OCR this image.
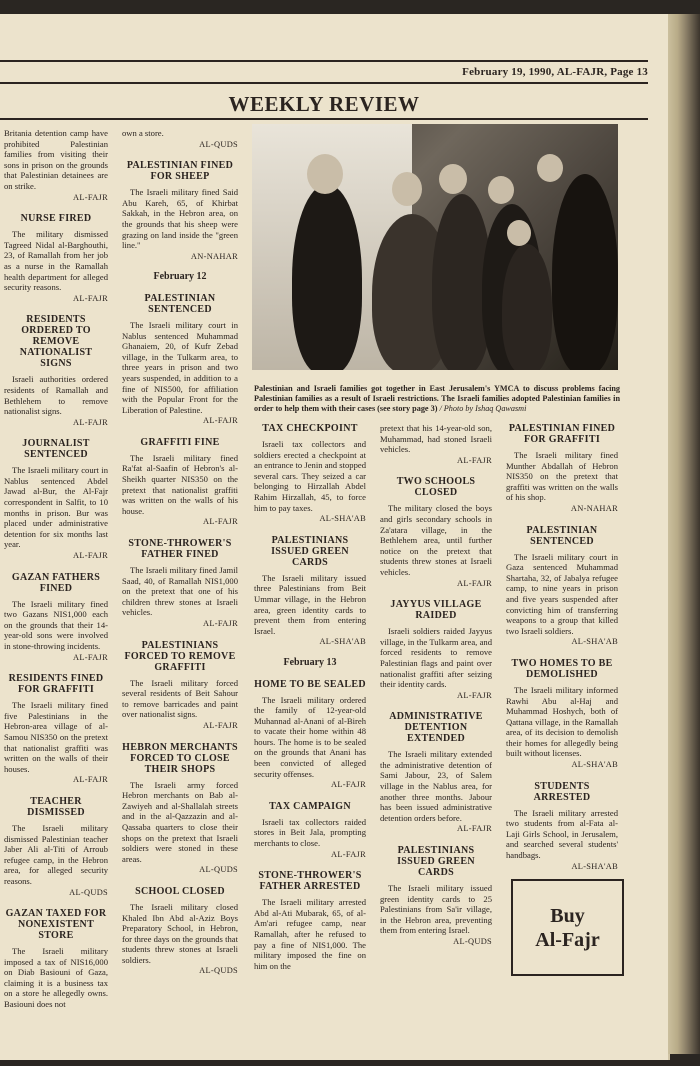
February 19, 1990, AL-FAJR, Page 13
WEEKLY REVIEW
Palestinian and Israeli families got together in East Jerusalem's YMCA to discuss problems facing Palestinian families as a result of Israeli restrictions. The Israeli families adopted Palestinian families in order to help them with their cases (see story page 3) / Photo by Ishaq Qawasmi
Buy
Al-Fajr

Britania detention camp have prohibited Palestinian families from visiting their sons in prison on the grounds that Palestinian detainees are on strike.

AL-FAJR
NURSE FIRED

The military dismissed Tagreed Nidal al-Barghouthi, 23, of Ramallah from her job as a nurse in the Ramallah health department for alleged security reasons.

AL-FAJR
RESIDENTS ORDERED TO REMOVE NATIONALIST SIGNS

Israeli authorities ordered residents of Ramallah and Bethlehem to remove nationalist signs.

AL-FAJR
JOURNALIST SENTENCED

The Israeli military court in Nablus sentenced Abdel Jawad al-Bur, the Al-Fajr correspondent in Salfit, to 10 months in prison. Bur was placed under administrative detention for six months last year.

AL-FAJR
GAZAN FATHERS FINED

The Israeli military fined two Gazans NIS1,000 each on the grounds that their 14-year-old sons were involved in stone-throwing incidents.

AL-FAJR
RESIDENTS FINED FOR GRAFFITI

The Israeli military fined five Palestinians in the Hebron-area village of al-Samou NIS350 on the pretext that nationalist graffiti was written on the walls of their houses.

AL-FAJR
TEACHER DISMISSED

The Israeli military dismissed Palestinian teacher Jaber Ali al-Titi of Arroub refugee camp, in the Hebron area, for alleged security reasons.

AL-QUDS
GAZAN TAXED FOR NONEXISTENT STORE

The Israeli military imposed a tax of NIS16,000 on Diab Basiouni of Gaza, claiming it is a business tax on a store he allegedly owns. Basiouni does not

own a store.

AL-QUDS
PALESTINIAN FINED FOR SHEEP

The Israeli military fined Said Abu Kareh, 65, of Khirbat Sakkah, in the Hebron area, on the grounds that his sheep were grazing on land inside the "green line."

AN-NAHAR
February 12
PALESTINIAN SENTENCED

The Israeli military court in Nablus sentenced Muhammad Ghanaiem, 20, of Kufr Zebad village, in the Tulkarm area, to three years in prison and two years suspended, in addition to a fine of NIS500, for affiliation with the Popular Front for the Liberation of Palestine.

AL-FAJR
GRAFFITI FINE

The Israeli military fined Ra'fat al-Saafin of Hebron's al-Sheikh quarter NIS350 on the pretext that nationalist graffiti was written on the walls of his house.

AL-FAJR
STONE-THROWER'S FATHER FINED

The Israeli military fined Jamil Saad, 40, of Ramallah NIS1,000 on the pretext that one of his children threw stones at Israeli vehicles.

AL-FAJR
PALESTINIANS FORCED TO REMOVE GRAFFITI

The Israeli military forced several residents of Beit Sahour to remove barricades and paint over nationalist signs.

AL-FAJR
HEBRON MERCHANTS FORCED TO CLOSE THEIR SHOPS

The Israeli army forced Hebron merchants on Bab al-Zawiyeh and al-Shallalah streets and in the al-Qazzazin and al-Qassaba quarters to close their shops on the pretext that Israeli soldiers were stoned in these areas.

AL-QUDS
SCHOOL CLOSED

The Israeli military closed Khaled Ibn Abd al-Aziz Boys Preparatory School, in Hebron, for three days on the grounds that students threw stones at Israeli soldiers.

AL-QUDS
TAX CHECKPOINT

Israeli tax collectors and soldiers erected a checkpoint at an entrance to Jenin and stopped several cars. They seized a car belonging to Hirzallah Abdel Rahim Hirzallah, 45, to force him to pay taxes.

AL-SHA'AB
PALESTINIANS ISSUED GREEN CARDS

The Israeli military issued three Palestinians from Beit Ummar village, in the Hebron area, green identity cards to prevent them from entering Israel.

AL-SHA'AB
February 13
HOME TO BE SEALED

The Israeli military ordered the family of 12-year-old Muhannad al-Anani of al-Bireh to vacate their home within 48 hours. The home is to be sealed on the grounds that Anani has been convicted of alleged security offenses.

AL-FAJR
TAX CAMPAIGN

Israeli tax collectors raided stores in Beit Jala, prompting merchants to close.

AL-FAJR
STONE-THROWER'S FATHER ARRESTED

The Israeli military arrested Abd al-Ati Mubarak, 65, of al-Am'ari refugee camp, near Ramallah, after he refused to pay a fine of NIS1,000. The military imposed the fine on him on the

pretext that his 14-year-old son, Muhammad, had stoned Israeli vehicles.

AL-FAJR
TWO SCHOOLS CLOSED

The military closed the boys and girls secondary schools in Za'atara village, in the Bethlehem area, until further notice on the pretext that students threw stones at Israeli vehicles.

AL-FAJR
JAYYUS VILLAGE RAIDED

Israeli soldiers raided Jayyus village, in the Tulkarm area, and forced residents to remove Palestinian flags and paint over nationalist graffiti after seizing their identity cards.

AL-FAJR
ADMINISTRATIVE DETENTION EXTENDED

The Israeli military extended the administrative detention of Sami Jabour, 23, of Salem village in the Nablus area, for another three months. Jabour has been issued administrative detention orders before.

AL-FAJR
PALESTINIANS ISSUED GREEN CARDS

The Israeli military issued green identity cards to 25 Palestinians from Sa'ir village, in the Hebron area, preventing them from entering Israel.

AL-QUDS
PALESTINIAN FINED FOR GRAFFITI

The Israeli military fined Munther Abdallah of Hebron NIS350 on the pretext that graffiti was written on the walls of his shop.

AN-NAHAR
PALESTINIAN SENTENCED

The Israeli military court in Gaza sentenced Muhammad Shartaha, 32, of Jabalya refugee camp, to nine years in prison and five years suspended after convicting him of transferring weapons to a group that killed two Israeli soldiers.

AL-SHA'AB
TWO HOMES TO BE DEMOLISHED

The Israeli military informed Rawhi Abu al-Haj and Muhammad Hoshych, both of Qattana village, in the Ramallah area, of its decision to demolish their homes for allegedly being built without licenses.

AL-SHA'AB
STUDENTS ARRESTED

The Israeli military arrested two students from al-Fata al-Laji Girls School, in Jerusalem, and searched several students' handbags.

AL-SHA'AB
